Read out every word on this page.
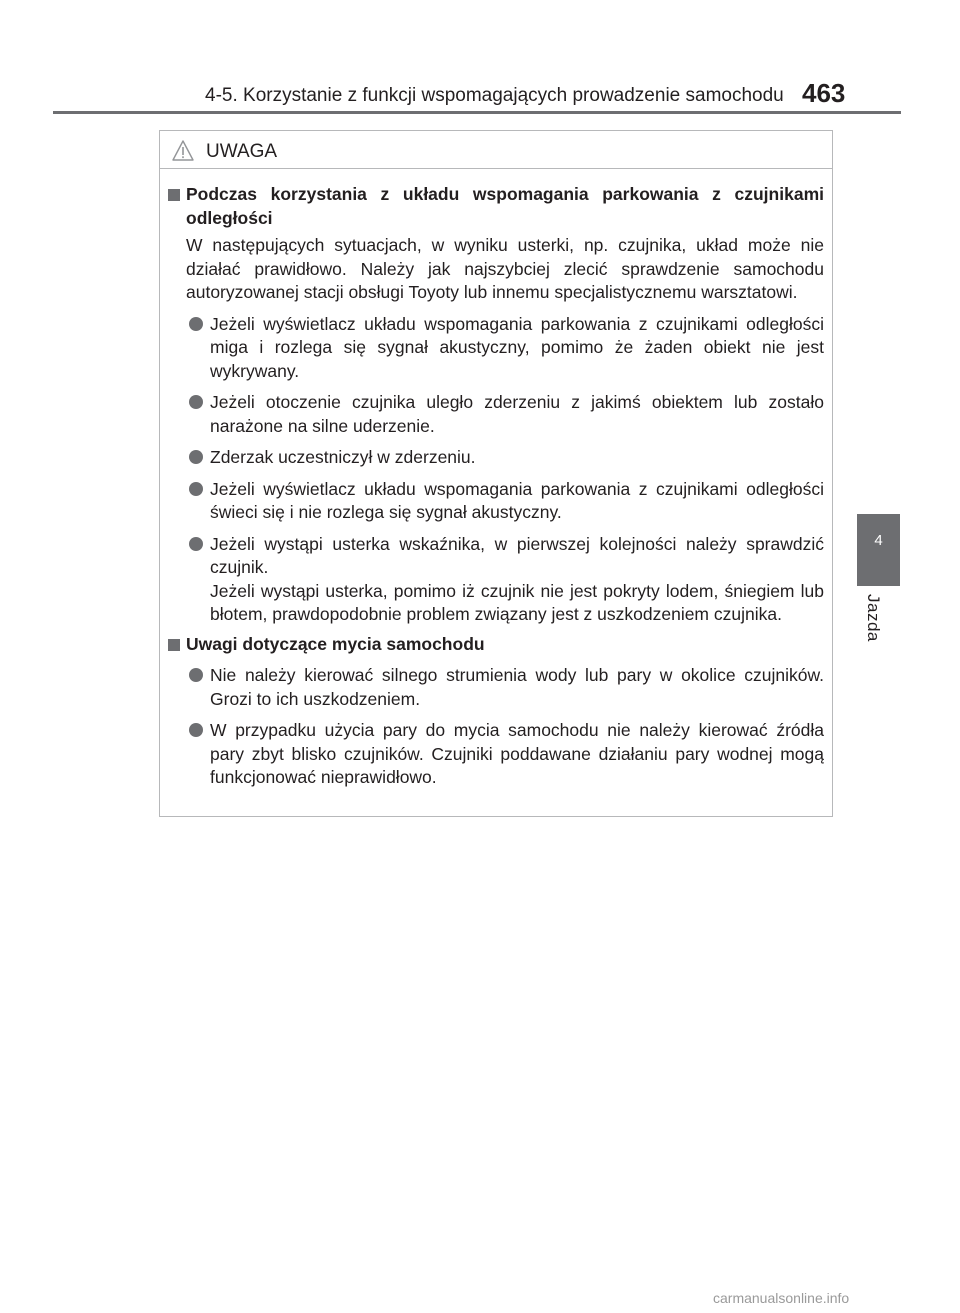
4-5. Korzystanie z funkcji wspomagających prowadzenie samochodu 463
4
Jazda
UWAGA
Podczas korzystania z układu wspomagania parkowania z czujnikami odległości
W następujących sytuacjach, w wyniku usterki, np. czujnika, układ może nie działać prawidłowo. Należy jak najszybciej zlecić sprawdzenie samochodu autoryzowanej stacji obsługi Toyoty lub innemu specjalistycznemu warsztatowi.

Jeżeli wyświetlacz układu wspomagania parkowania z czujnikami odległości miga i rozlega się sygnał akustyczny, pomimo że żaden obiekt nie jest wykrywany.

Jeżeli otoczenie czujnika uległo zderzeniu z jakimś obiektem lub zostało narażone na silne uderzenie.

Zderzak uczestniczył w zderzeniu.

Jeżeli wyświetlacz układu wspomagania parkowania z czujnikami odległości świeci się i nie rozlega się sygnał akustyczny.

Jeżeli wystąpi usterka wskaźnika, w pierwszej kolejności należy sprawdzić czujnik.

Jeżeli wystąpi usterka, pomimo iż czujnik nie jest pokryty lodem, śniegiem lub błotem, prawdopodobnie problem związany jest z uszkodzeniem czujnika.

Uwagi dotyczące mycia samochodu

Nie należy kierować silnego strumienia wody lub pary w okolice czujników. Grozi to ich uszkodzeniem.

W przypadku użycia pary do mycia samochodu nie należy kierować źródła pary zbyt blisko czujników. Czujniki poddawane działaniu pary wodnej mogą funkcjonować nieprawidłowo.

carmanualsonline.info
